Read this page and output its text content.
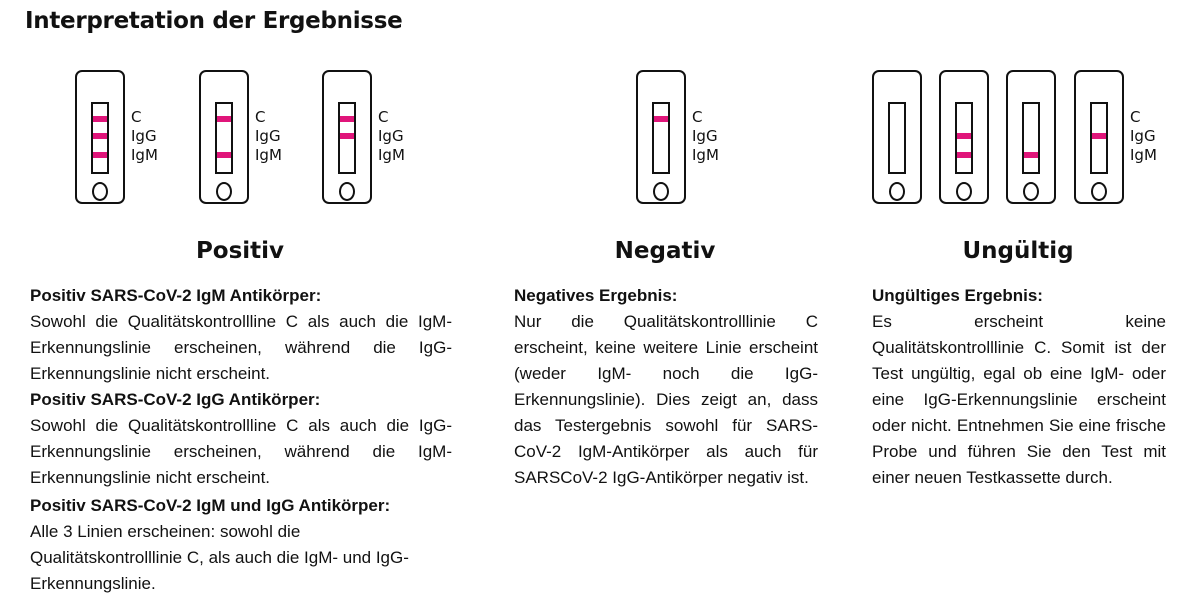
Interpretation der Ergebnisse
C
IgG
IgM
C
IgG
IgM
C
IgG
IgM
C
IgG
IgM
C
IgG
IgM
Positiv	Negativ	Ungültig

Positiv SARS-CoV-2 IgM Antikörper:

Sowohl die Qualitätskontrollline C als auch die IgM-Erkennungslinie erscheinen, während die IgG-Erkennungslinie nicht erscheint.

Positiv SARS-CoV-2 IgG Antikörper:

Sowohl die Qualitätskontrollline C als auch die IgG-Erkennungslinie erscheinen, während die IgM-Erkennungslinie nicht erscheint.

Positiv SARS-CoV-2 IgM und IgG Antikörper:

Alle 3 Linien erscheinen: sowohl die Qualitätskontrolllinie C, als auch die IgM- und IgG-Erkennungslinie.

Negatives Ergebnis:

Nur die Qualitätskontrolllinie C erscheint, keine weitere Linie erscheint (weder IgM- noch die IgG-Erkennungslinie). Dies zeigt an, dass das Testergebnis sowohl für SARS-CoV-2 IgM-Antikörper als auch für SARSCoV-2 IgG-Antikörper negativ ist.

Ungültiges Ergebnis:

Es erscheint keine Qualitätskontrolllinie C. Somit ist der Test ungültig, egal ob eine IgM- oder eine IgG-Erkennungslinie erscheint oder nicht. Entnehmen Sie eine frische Probe und führen Sie den Test mit einer neuen Testkassette durch.
